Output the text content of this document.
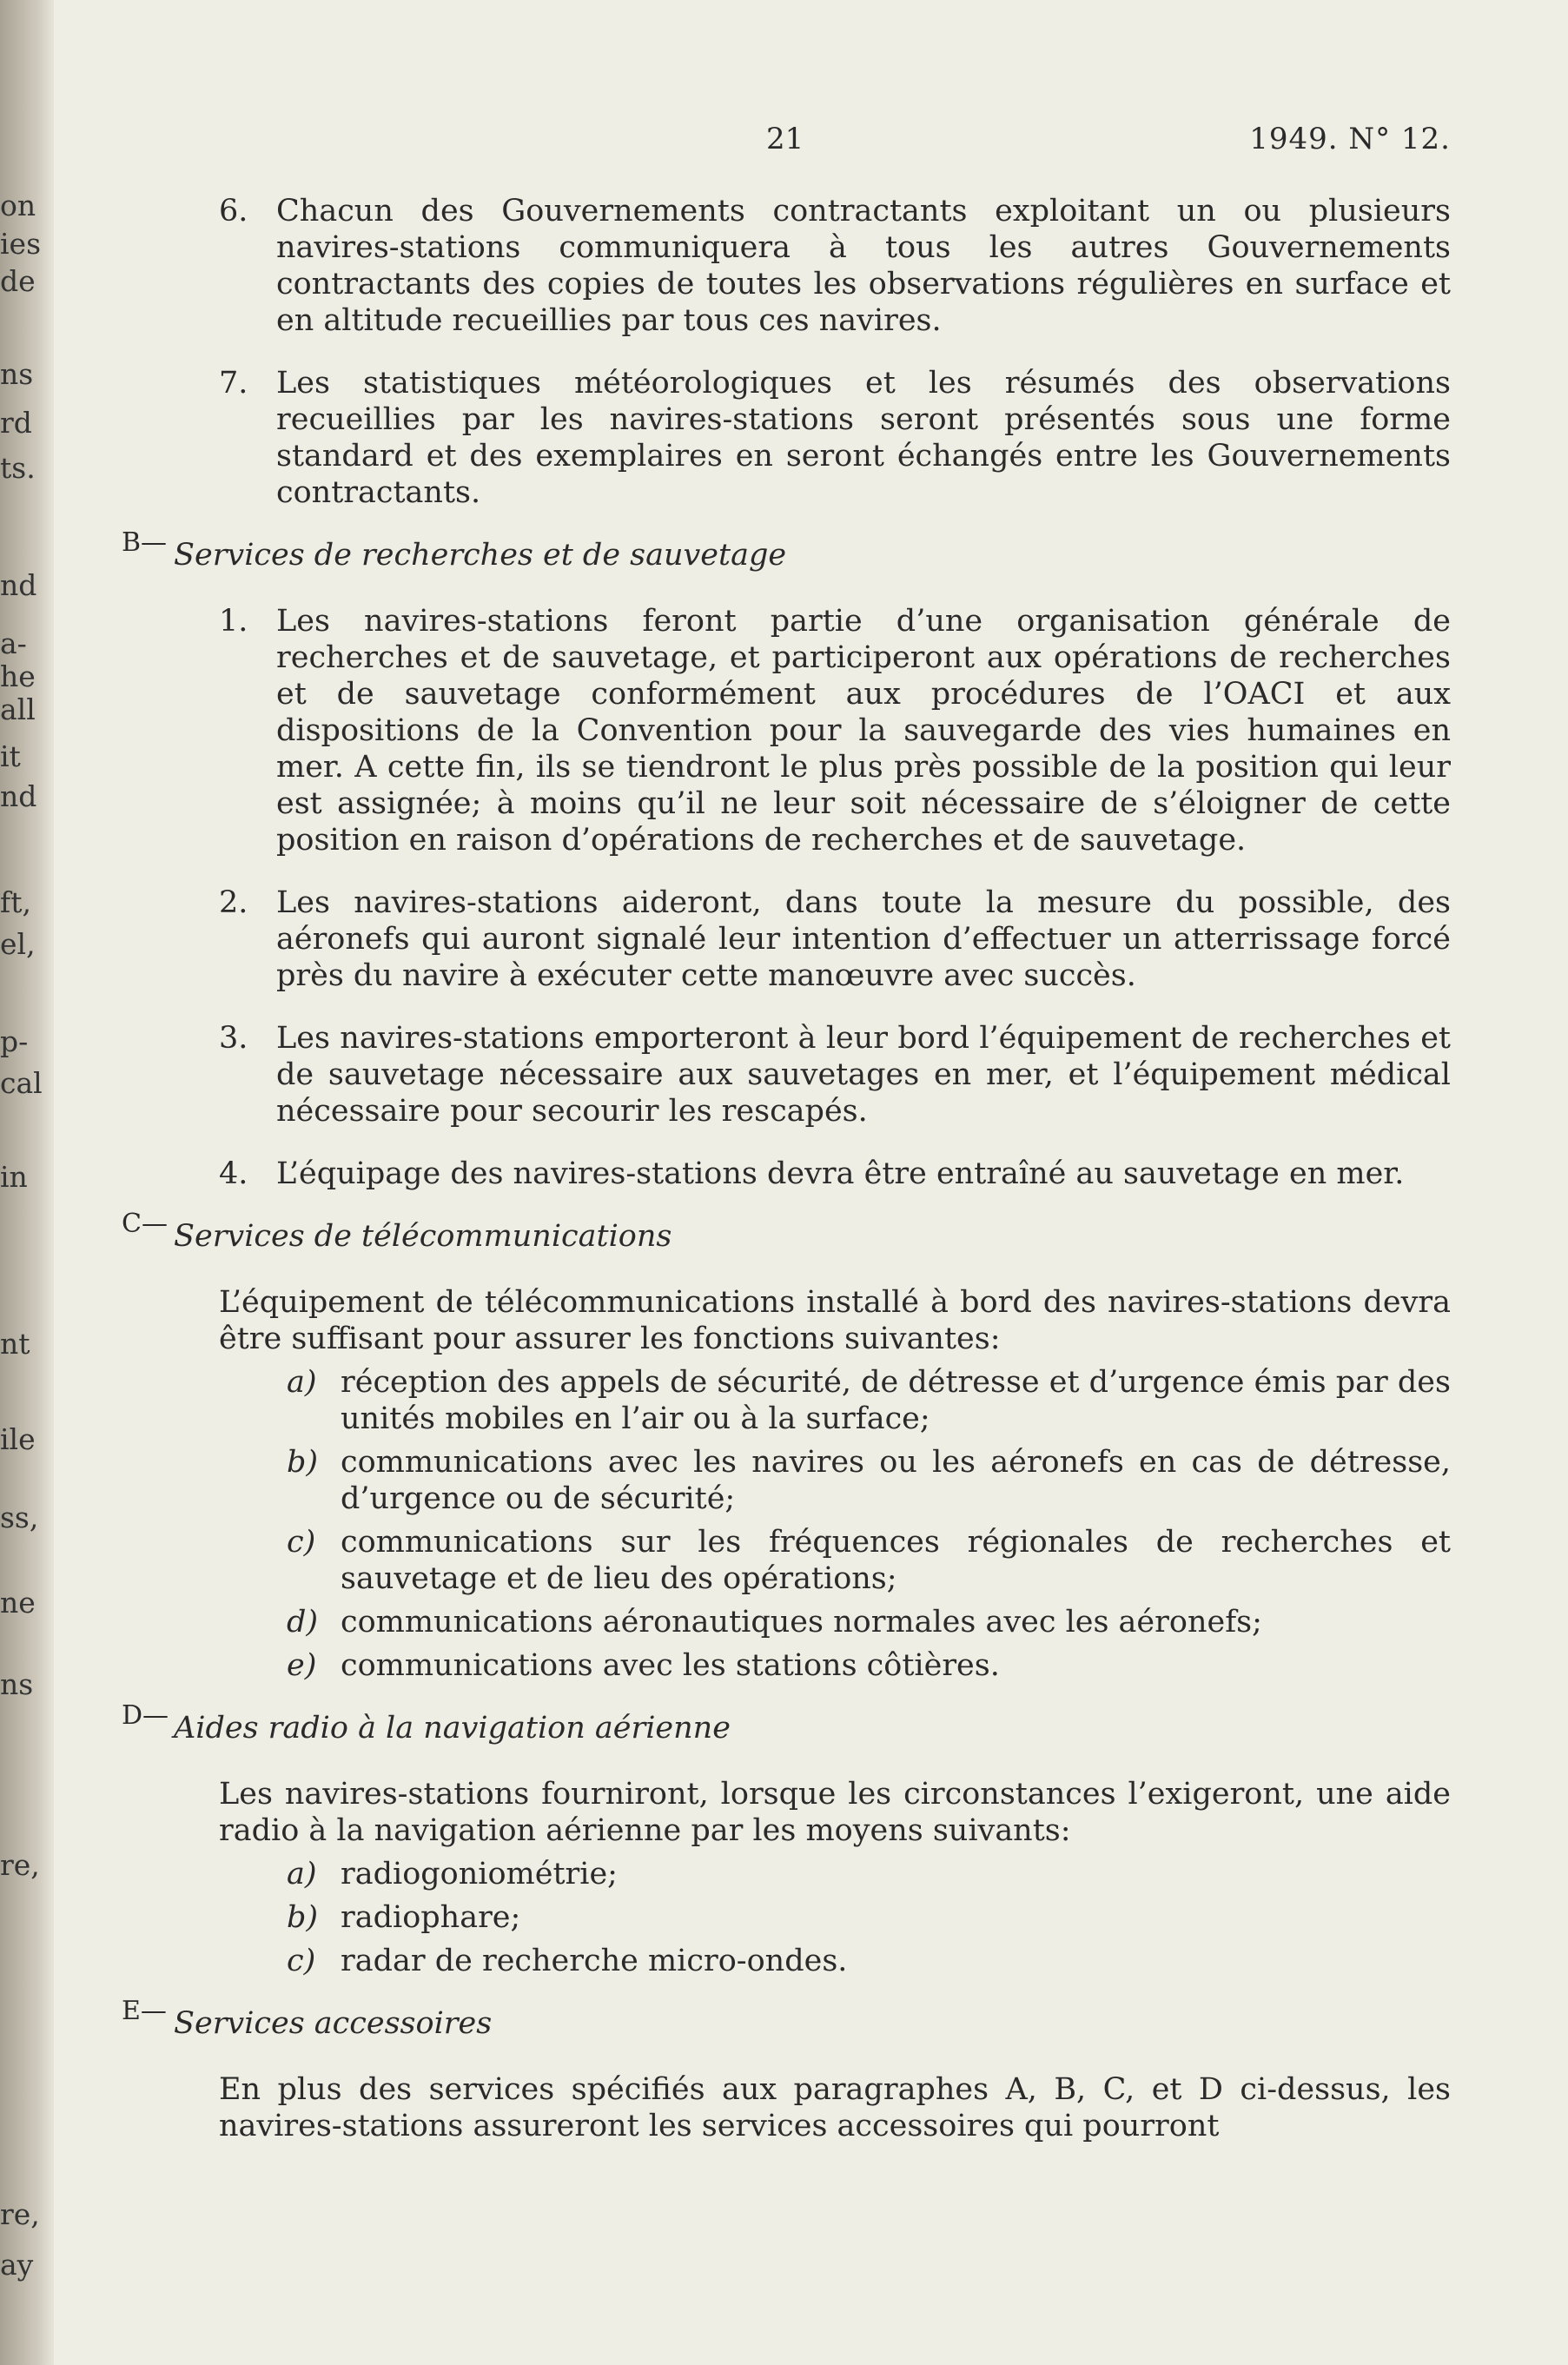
on
ies
de
ns
rd
ts.
nd
a-
he
all
it
nd
ft,
el,
p-
cal
in
nt
ile
ss,
ne
ns
re,
re,
ay
21	1949. N° 12.
6. Chacun des Gouvernements contractants exploitant un ou plusieurs navires-stations communiquera à tous les autres Gouvernements contractants des copies de toutes les observations régulières en surface et en altitude recueillies par tous ces navires.
7. Les statistiques météorologiques et les résumés des observations recueillies par les navires-stations seront présentés sous une forme standard et des exemplaires en seront échangés entre les Gouvernements contractants.
B— Services de recherches et de sauvetage
1. Les navires-stations feront partie d’une organisation générale de recherches et de sauvetage, et participeront aux opérations de recherches et de sauvetage conformément aux procédures de l’OACI et aux dispositions de la Convention pour la sauvegarde des vies humaines en mer. A cette fin, ils se tiendront le plus près possible de la position qui leur est assignée; à moins qu’il ne leur soit nécessaire de s’éloigner de cette position en raison d’opérations de recherches et de sauvetage.
2. Les navires-stations aideront, dans toute la mesure du possible, des aéronefs qui auront signalé leur intention d’effectuer un atterrissage forcé près du navire à exécuter cette manœuvre avec succès.
3. Les navires-stations emporteront à leur bord l’équipement de recherches et de sauvetage nécessaire aux sauvetages en mer, et l’équipement médical nécessaire pour secourir les rescapés.
4. L’équipage des navires-stations devra être entraîné au sauvetage en mer.
C— Services de télécommunications
L’équipement de télécommunications installé à bord des navires-stations devra être suffisant pour assurer les fonctions suivantes:
a) réception des appels de sécurité, de détresse et d’urgence émis par des unités mobiles en l’air ou à la surface;
b) communications avec les navires ou les aéronefs en cas de détresse, d’urgence ou de sécurité;
c) communications sur les fréquences régionales de recherches et sauvetage et de lieu des opérations;
d) communications aéronautiques normales avec les aéronefs;
e) communications avec les stations côtières.
D— Aides radio à la navigation aérienne
Les navires-stations fourniront, lorsque les circonstances l’exigeront, une aide radio à la navigation aérienne par les moyens suivants:
a) radiogoniométrie;
b) radiophare;
c) radar de recherche micro-ondes.
E— Services accessoires
En plus des services spécifiés aux paragraphes A, B, C, et D ci-dessus, les navires-stations assureront les services accessoires qui pourront
